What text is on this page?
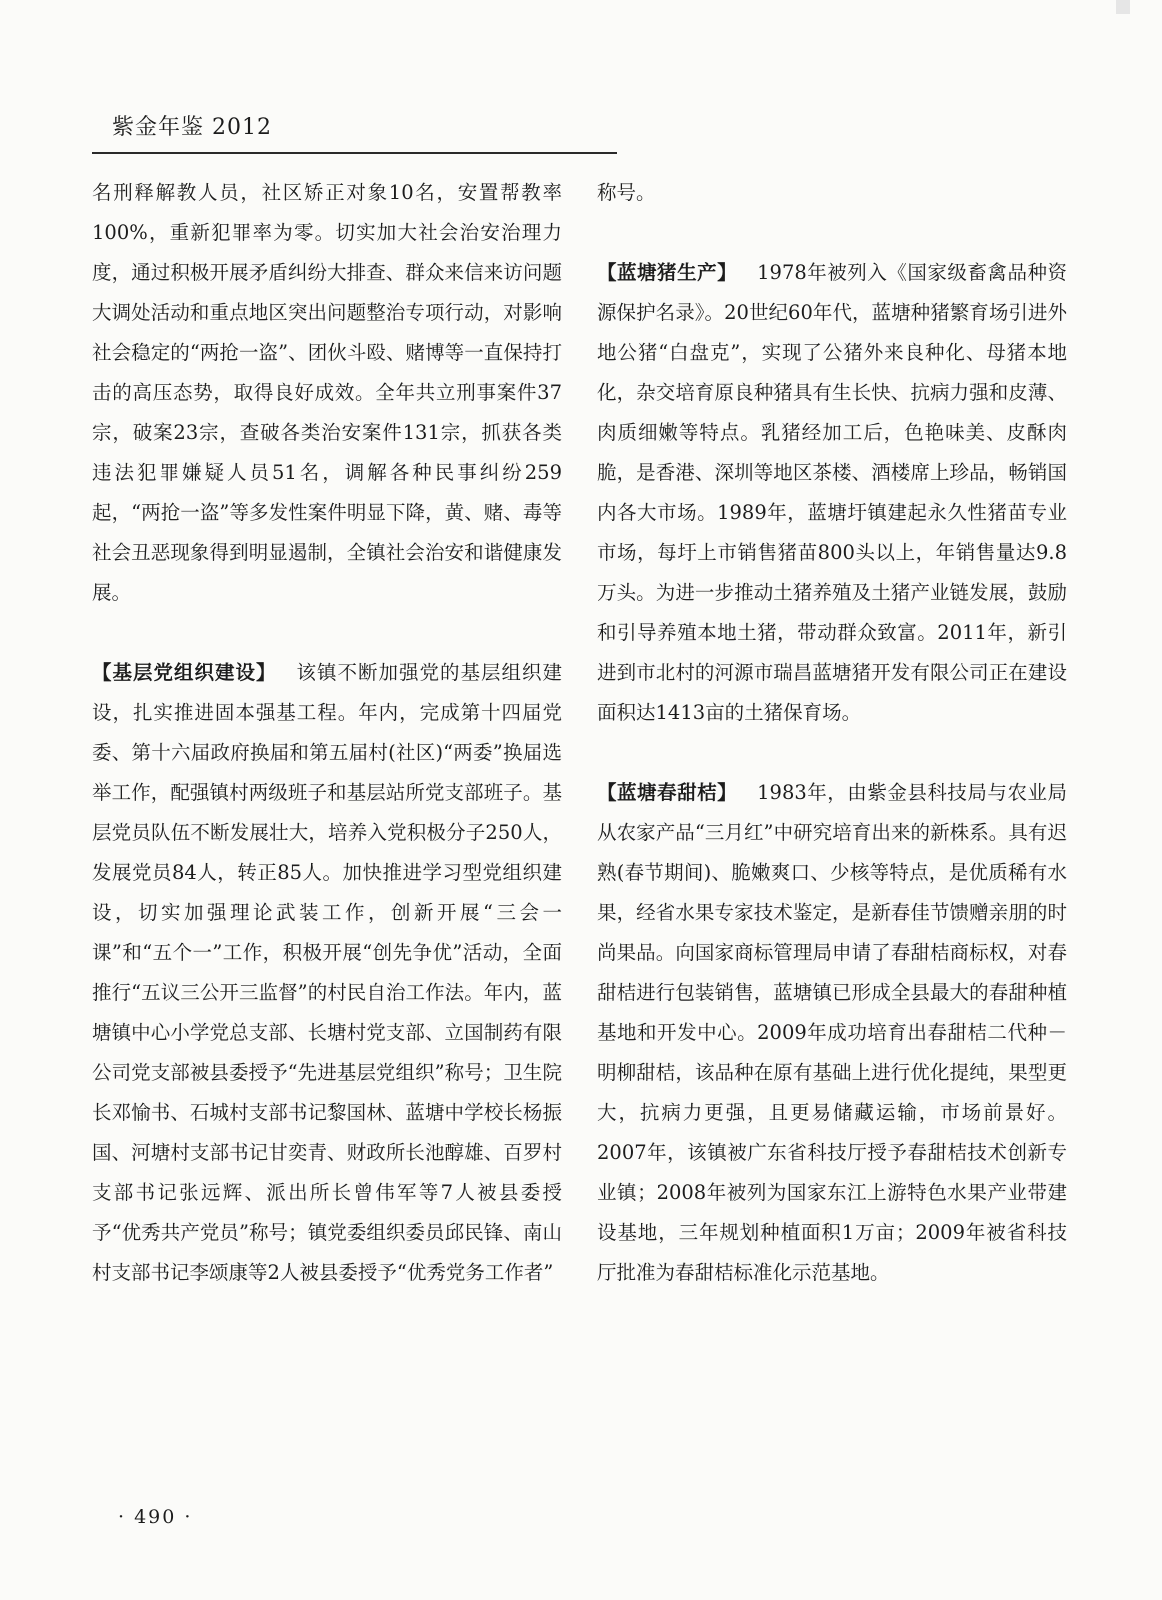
紫金年鉴 2012

名刑释解教人员，社区矫正对象10名，安置帮教率100%，重新犯罪率为零。切实加大社会治安治理力度，通过积极开展矛盾纠纷大排查、群众来信来访问题大调处活动和重点地区突出问题整治专项行动，对影响社会稳定的“两抢一盗”、团伙斗殴、赌博等一直保持打击的高压态势，取得良好成效。全年共立刑事案件37宗，破案23宗，查破各类治安案件131宗，抓获各类违法犯罪嫌疑人员51名，调解各种民事纠纷259起，“两抢一盗”等多发性案件明显下降，黄、赌、毒等社会丑恶现象得到明显遏制，全镇社会治安和谐健康发展。

【基层党组织建设】 该镇不断加强党的基层组织建设，扎实推进固本强基工程。年内，完成第十四届党委、第十六届政府换届和第五届村(社区)“两委”换届选举工作，配强镇村两级班子和基层站所党支部班子。基层党员队伍不断发展壮大，培养入党积极分子250人，发展党员84人，转正85人。加快推进学习型党组织建设，切实加强理论武装工作，创新开展“三会一课”和“五个一”工作，积极开展“创先争优”活动，全面推行“五议三公开三监督”的村民自治工作法。年内，蓝塘镇中心小学党总支部、长塘村党支部、立国制药有限公司党支部被县委授予“先进基层党组织”称号；卫生院长邓愉书、石城村支部书记黎国林、蓝塘中学校长杨振国、河塘村支部书记甘奕青、财政所长池醇雄、百罗村支部书记张远辉、派出所长曾伟军等7人被县委授予“优秀共产党员”称号；镇党委组织委员邱民锋、南山村支部书记李颂康等2人被县委授予“优秀党务工作者”

称号。

【蓝塘猪生产】 1978年被列入《国家级畜禽品种资源保护名录》。20世纪60年代，蓝塘种猪繁育场引进外地公猪“白盘克”，实现了公猪外来良种化、母猪本地化，杂交培育原良种猪具有生长快、抗病力强和皮薄、肉质细嫩等特点。乳猪经加工后，色艳味美、皮酥肉脆，是香港、深圳等地区茶楼、酒楼席上珍品，畅销国内各大市场。1989年，蓝塘圩镇建起永久性猪苗专业市场，每圩上市销售猪苗800头以上，年销售量达9.8万头。为进一步推动土猪养殖及土猪产业链发展，鼓励和引导养殖本地土猪，带动群众致富。2011年，新引进到市北村的河源市瑞昌蓝塘猪开发有限公司正在建设面积达1413亩的土猪保育场。

【蓝塘春甜桔】 1983年，由紫金县科技局与农业局从农家产品“三月红”中研究培育出来的新株系。具有迟熟(春节期间)、脆嫩爽口、少核等特点，是优质稀有水果，经省水果专家技术鉴定，是新春佳节馈赠亲朋的时尚果品。向国家商标管理局申请了春甜桔商标权，对春甜桔进行包装销售，蓝塘镇已形成全县最大的春甜种植基地和开发中心。2009年成功培育出春甜桔二代种－明柳甜桔，该品种在原有基础上进行优化提纯，果型更大，抗病力更强，且更易储藏运输，市场前景好。2007年，该镇被广东省科技厅授予春甜桔技术创新专业镇；2008年被列为国家东江上游特色水果产业带建设基地，三年规划种植面积1万亩；2009年被省科技厅批准为春甜桔标准化示范基地。

· 490 ·
